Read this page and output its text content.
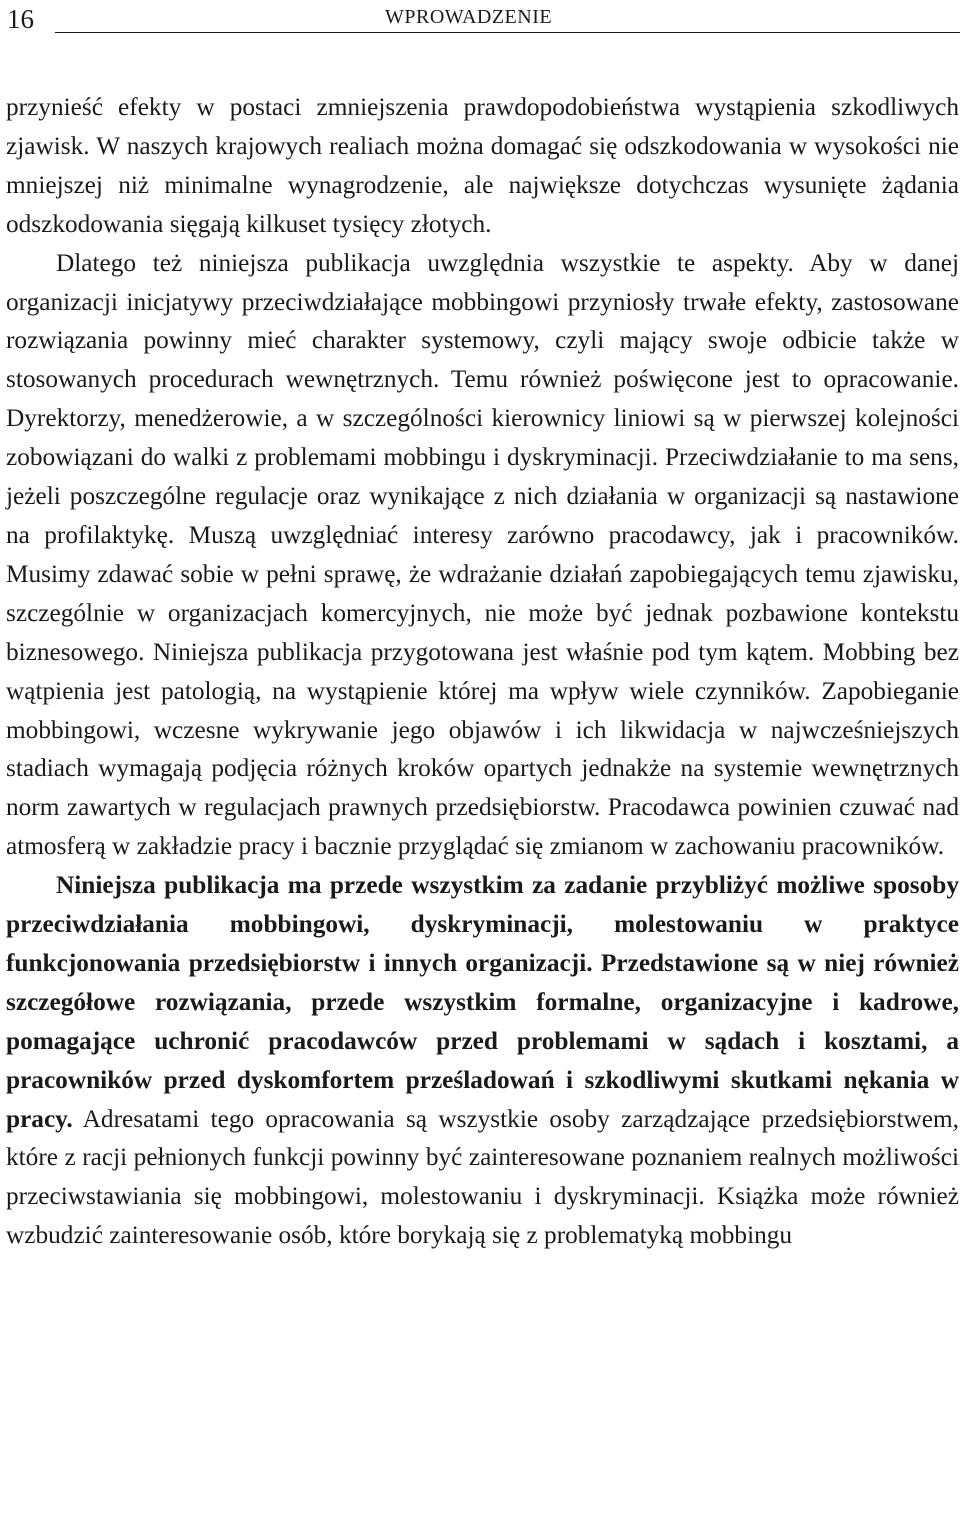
16	WPROWADZENIE

przynieść efekty w postaci zmniejszenia prawdopodobieństwa wystąpienia szkodliwych zjawisk. W naszych krajowych realiach można domagać się odszkodowania w wysokości nie mniejszej niż minimalne wynagrodzenie, ale największe dotychczas wysunięte żądania odszkodowania sięgają kilkuset tysięcy złotych.

Dlatego też niniejsza publikacja uwzględnia wszystkie te aspekty. Aby w danej organizacji inicjatywy przeciwdziałające mobbingowi przyniosły trwałe efekty, zastosowane rozwiązania powinny mieć charakter systemowy, czyli mający swoje odbicie także w stosowanych procedurach wewnętrznych. Temu również poświęcone jest to opracowanie. Dyrektorzy, menedżerowie, a w szczególności kierownicy liniowi są w pierwszej kolejności zobowiązani do walki z problemami mobbingu i dyskryminacji. Przeciwdziałanie to ma sens, jeżeli poszczególne regulacje oraz wynikające z nich działania w organizacji są nastawione na profilaktykę. Muszą uwzględniać interesy zarówno pracodawcy, jak i pracowników. Musimy zdawać sobie w pełni sprawę, że wdrażanie działań zapobiegających temu zjawisku, szczególnie w organizacjach komercyjnych, nie może być jednak pozbawione kontekstu biznesowego. Niniejsza publikacja przygotowana jest właśnie pod tym kątem. Mobbing bez wątpienia jest patologią, na wystąpienie której ma wpływ wiele czynników. Zapobieganie mobbingowi, wczesne wykrywanie jego objawów i ich likwidacja w najwcześniejszych stadiach wymagają podjęcia różnych kroków opartych jednakże na systemie wewnętrznych norm zawartych w regulacjach prawnych przedsiębiorstw. Pracodawca powinien czuwać nad atmosferą w zakładzie pracy i bacznie przyglądać się zmianom w zachowaniu pracowników.

Niniejsza publikacja ma przede wszystkim za zadanie przybliżyć możliwe sposoby przeciwdziałania mobbingowi, dyskryminacji, molestowaniu w praktyce funkcjonowania przedsiębiorstw i innych organizacji. Przedstawione są w niej również szczegółowe rozwiązania, przede wszystkim formalne, organizacyjne i kadrowe, pomagające uchronić pracodawców przed problemami w sądach i kosztami, a pracowników przed dyskomfortem prześladowań i szkodliwymi skutkami nękania w pracy. Adresatami tego opracowania są wszystkie osoby zarządzające przedsiębiorstwem, które z racji pełnionych funkcji powinny być zainteresowane poznaniem realnych możliwości przeciwstawiania się mobbingowi, molestowaniu i dyskryminacji. Książka może również wzbudzić zainteresowanie osób, które borykają się z problematyką mobbingu
